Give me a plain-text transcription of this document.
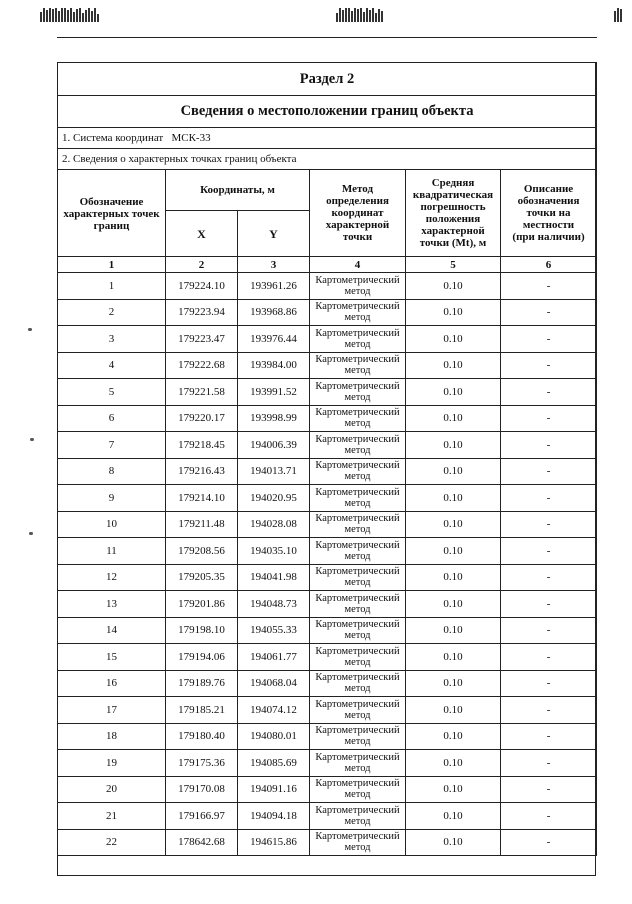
Раздел 2					
Сведения о местоположении границ объекта					
1. Система координат   МСК-33					
2. Сведения о характерных точках границ объекта					
Обозначение характерных точек границ	Координаты, м		Метод определения координат характерной точки	Средняя квадратическая погрешность положения характерной точки (Mt), м	Описание обозначения точки на местности (при наличии)
	X	Y			
1	2	3	4	5	6
1	179224.10	193961.26	Картометрический метод	0.10	-
2	179223.94	193968.86	Картометрический метод	0.10	-
3	179223.47	193976.44	Картометрический метод	0.10	-
4	179222.68	193984.00	Картометрический метод	0.10	-
5	179221.58	193991.52	Картометрический метод	0.10	-
6	179220.17	193998.99	Картометрический метод	0.10	-
7	179218.45	194006.39	Картометрический метод	0.10	-
8	179216.43	194013.71	Картометрический метод	0.10	-
9	179214.10	194020.95	Картометрический метод	0.10	-
10	179211.48	194028.08	Картометрический метод	0.10	-
11	179208.56	194035.10	Картометрический метод	0.10	-
12	179205.35	194041.98	Картометрический метод	0.10	-
13	179201.86	194048.73	Картометрический метод	0.10	-
14	179198.10	194055.33	Картометрический метод	0.10	-
15	179194.06	194061.77	Картометрический метод	0.10	-
16	179189.76	194068.04	Картометрический метод	0.10	-
17	179185.21	194074.12	Картометрический метод	0.10	-
18	179180.40	194080.01	Картометрический метод	0.10	-
19	179175.36	194085.69	Картометрический метод	0.10	-
20	179170.08	194091.16	Картометрический метод	0.10	-
21	179166.97	194094.18	Картометрический метод	0.10	-
22	178642.68	194615.86	Картометрический метод	0.10	-
